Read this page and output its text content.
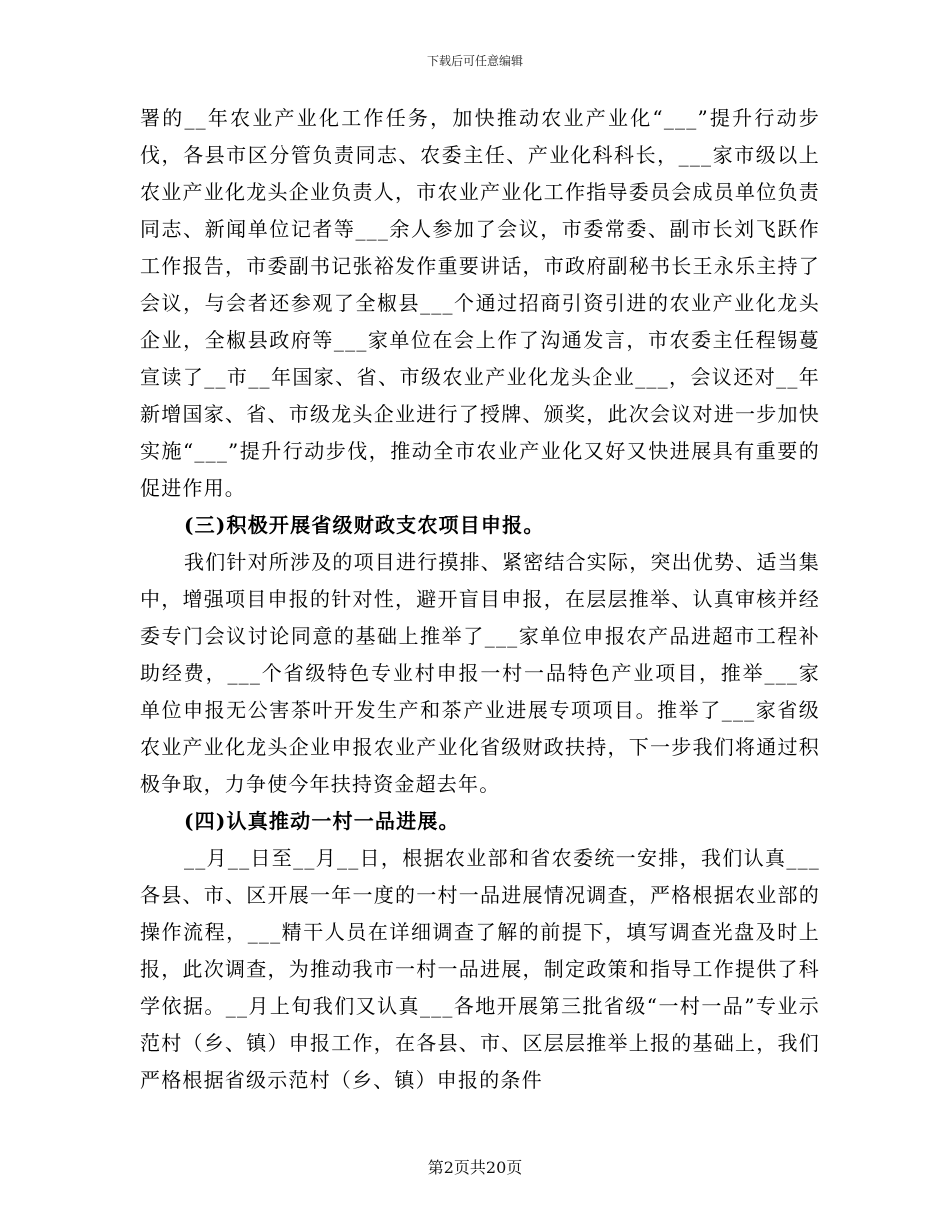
下载后可任意编辑

署的__年农业产业化工作任务，加快推动农业产业化“___”提升行动步伐，各县市区分管负责同志、农委主任、产业化科科长，___家市级以上农业产业化龙头企业负责人，市农业产业化工作指导委员会成员单位负责同志、新闻单位记者等___余人参加了会议，市委常委、副市长刘飞跃作工作报告，市委副书记张裕发作重要讲话，市政府副秘书长王永乐主持了会议，与会者还参观了全椒县___个通过招商引资引进的农业产业化龙头企业，全椒县政府等___家单位在会上作了沟通发言，市农委主任程锡蔓宣读了__市__年国家、省、市级农业产业化龙头企业___，会议还对__年新增国家、省、市级龙头企业进行了授牌、颁奖，此次会议对进一步加快实施“___”提升行动步伐，推动全市农业产业化又好又快进展具有重要的促进作用。

(三)积极开展省级财政支农项目申报。

我们针对所涉及的项目进行摸排、紧密结合实际，突出优势、适当集中，增强项目申报的针对性，避开盲目申报，在层层推举、认真审核并经委专门会议讨论同意的基础上推举了___家单位申报农产品进超市工程补助经费，___个省级特色专业村申报一村一品特色产业项目，推举___家单位申报无公害茶叶开发生产和茶产业进展专项项目。推举了___家省级农业产业化龙头企业申报农业产业化省级财政扶持，下一步我们将通过积极争取，力争使今年扶持资金超去年。

(四)认真推动一村一品进展。

__月__日至__月__日，根据农业部和省农委统一安排，我们认真___各县、市、区开展一年一度的一村一品进展情况调查，严格根据农业部的操作流程，___精干人员在详细调查了解的前提下，填写调查光盘及时上报，此次调查，为推动我市一村一品进展，制定政策和指导工作提供了科学依据。__月上旬我们又认真___各地开展第三批省级“一村一品”专业示范村（乡、镇）申报工作，在各县、市、区层层推举上报的基础上，我们严格根据省级示范村（乡、镇）申报的条件

第2页共20页
